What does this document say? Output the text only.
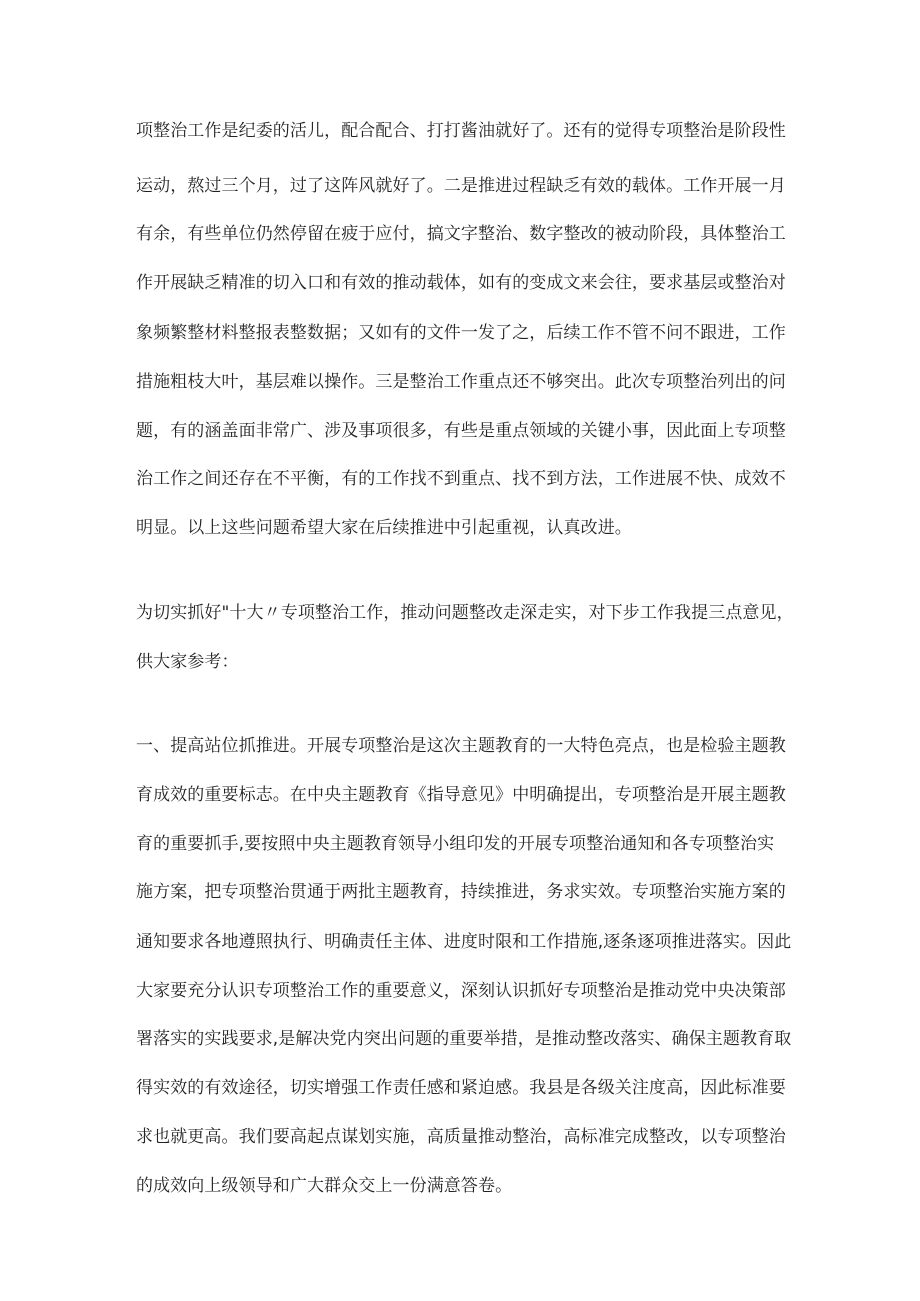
项整治工作是纪委的活儿，配合配合、打打酱油就好了。还有的觉得专项整治是阶段性
运动，熬过三个月，过了这阵风就好了。二是推进过程缺乏有效的载体。工作开展一月
有余，有些单位仍然停留在疲于应付，搞文字整治、数字整改的被动阶段，具体整治工
作开展缺乏精准的切入口和有效的推动载体，如有的变成文来会往，要求基层或整治对
象频繁整材料整报表整数据；又如有的文件一发了之，后续工作不管不问不跟进，工作
措施粗枝大叶，基层难以操作。三是整治工作重点还不够突出。此次专项整治列出的问
题，有的涵盖面非常广、涉及事项很多，有些是重点领域的关键小事，因此面上专项整
治工作之间还存在不平衡，有的工作找不到重点、找不到方法，工作进展不快、成效不
明显。以上这些问题希望大家在后续推进中引起重视，认真改进。
为切实抓好"十大〃专项整治工作，推动问题整改走深走实，对下步工作我提三点意见，
供大家参考：
一、提高站位抓推进。开展专项整治是这次主题教育的一大特色亮点，也是检验主题教
育成效的重要标志。在中央主题教育《指导意见》中明确提出，专项整治是开展主题教
育的重要抓手,要按照中央主题教育领导小组印发的开展专项整治通知和各专项整治实
施方案，把专项整治贯通于两批主题教育，持续推进，务求实效。专项整治实施方案的
通知要求各地遵照执行、明确责任主体、进度时限和工作措施,逐条逐项推进落实。因此
大家要充分认识专项整治工作的重要意义，深刻认识抓好专项整治是推动党中央决策部
署落实的实践要求,是解决党内突出问题的重要举措，是推动整改落实、确保主题教育取
得实效的有效途径，切实增强工作责任感和紧迫感。我县是各级关注度高，因此标准要
求也就更高。我们要高起点谋划实施，高质量推动整治，高标准完成整改，以专项整治
的成效向上级领导和广大群众交上一份满意答卷。
